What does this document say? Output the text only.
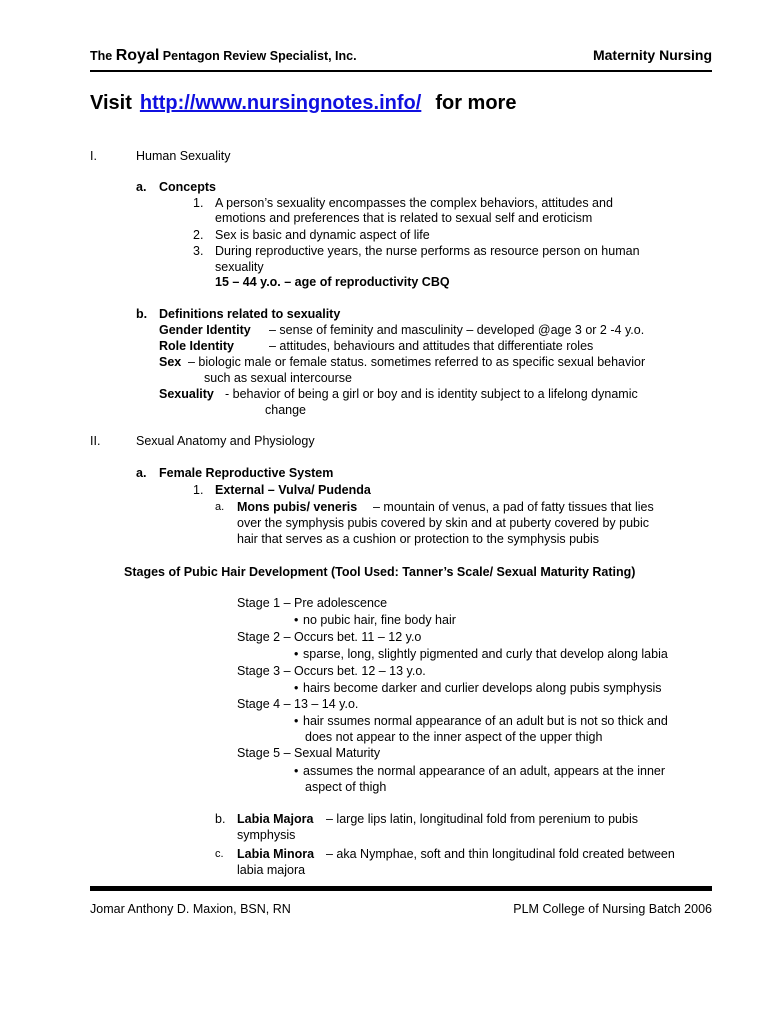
The Royal Pentagon Review Specialist, Inc.	Maternity Nursing
Visit http://www.nursingnotes.info/ for more
I.	Human Sexuality
a. Concepts
1. A person’s sexuality encompasses the complex behaviors, attitudes and
emotions and preferences that is related to sexual self and eroticism
2. Sex is basic and dynamic aspect of life
3. During reproductive years, the nurse performs as resource person on human
sexuality
15 – 44 y.o. – age of reproductivity CBQ
b. Definitions related to sexuality
Gender Identity – sense of feminity and masculinity – developed @age 3 or 2 -4 y.o.
Role Identity	– attitudes, behaviours and attitudes that differentiate roles
Sex – biologic male or female status. sometimes referred to as specific sexual behavior
such as sexual intercourse
Sexuality - behavior of being a girl or boy and is identity subject to a lifelong dynamic
change
II.	Sexual Anatomy and Physiology
a. Female Reproductive System
1. External – Vulva/ Pudenda
a. Mons pubis/ veneris – mountain of venus, a pad of fatty tissues that lies
over the symphysis pubis covered by skin and at puberty covered by pubic
hair that serves as a cushion or protection to the symphysis pubis
Stages of Pubic Hair Development (Tool Used: Tanner’s Scale/ Sexual Maturity Rating)
Stage 1 – Pre adolescence
• no pubic hair, fine body hair
Stage 2 – Occurs bet. 11 – 12 y.o
• sparse, long, slightly pigmented and curly that develop along labia
Stage 3 – Occurs bet. 12 – 13 y.o.
• hairs become darker and curlier develops along pubis symphysis
Stage 4 – 13 – 14 y.o.
• hair ssumes normal appearance of an adult but is not so thick and
does not appear to the inner aspect of the upper thigh
Stage 5 – Sexual Maturity
• assumes the normal appearance of an adult, appears at the inner
aspect of thigh
b. Labia Majora – large lips latin, longitudinal fold from perenium to pubis
symphysis
c. Labia Minora – aka Nymphae, soft and thin longitudinal fold created between
labia majora
Jomar Anthony D. Maxion, BSN, RN	PLM College of Nursing Batch 2006
